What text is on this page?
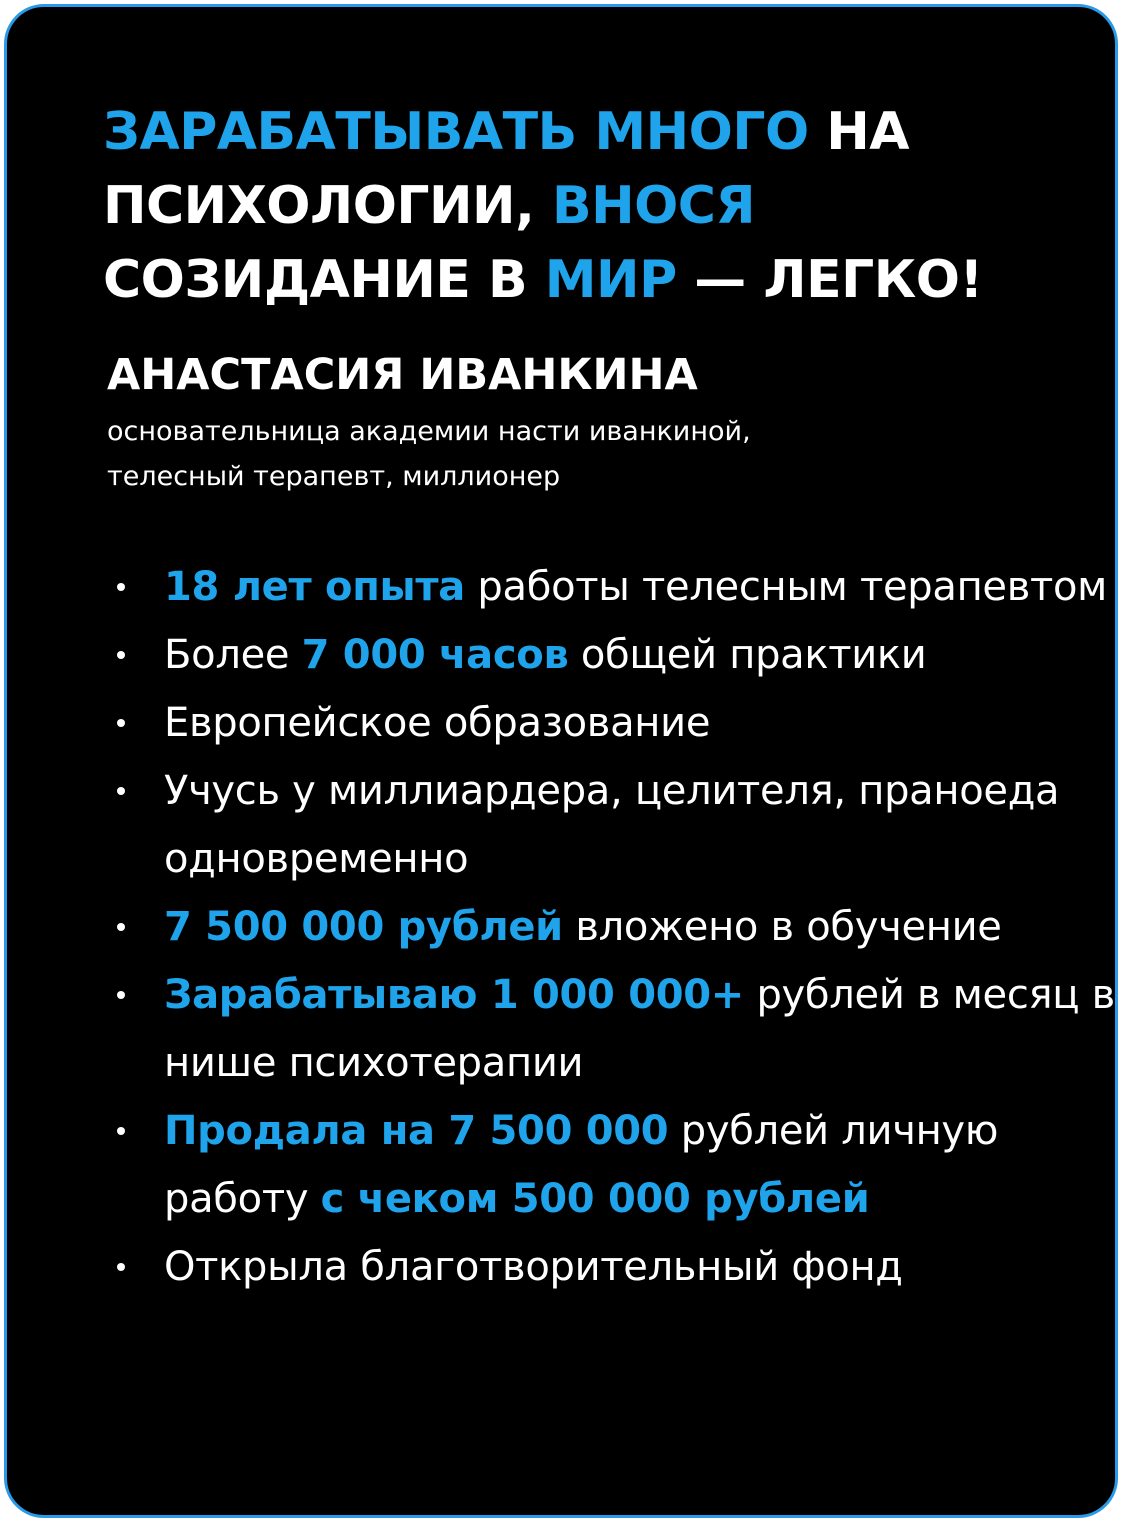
ЗАРАБАТЫВАТЬ МНОГО НА ПСИХОЛОГИИ, ВНОСЯ СОЗИДАНИЕ В МИР — ЛЕГКО!
АНАСТАСИЯ ИВАНКИНА
основательница академии насти иванкиной,
телесный терапевт, миллионер
18 лет опыта работы телесным терапевтом
Более 7 000 часов общей практики
Европейское образование
Учусь у миллиардера, целителя, праноеда одновременно
7 500 000 рублей вложено в обучение
Зарабатываю 1 000 000+ рублей в месяц в нише психотерапии
Продала на 7 500 000 рублей личную работу с чеком 500 000 рублей
Открыла благотворительный фонд
